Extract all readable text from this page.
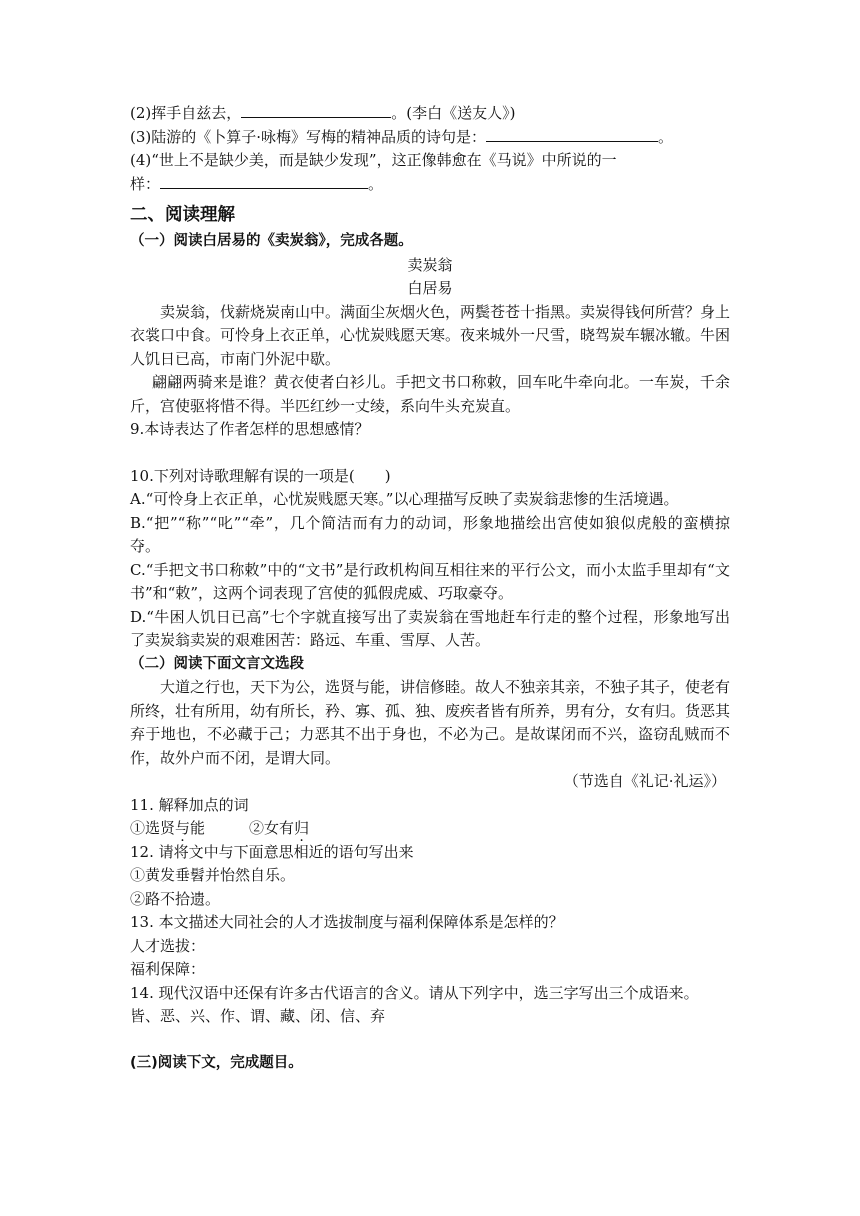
(2)挥手自兹去，	。(李白《送友人》)
(3)陆游的《卜算子·咏梅》写梅的精神品质的诗句是：	。
(4)“世上不是缺少美，而是缺少发现”，这正像韩愈在《马说》中所说的一
样：	。
二、阅读理解
（一）阅读白居易的《卖炭翁》，完成各题。
卖炭翁
白居易
卖炭翁，伐薪烧炭南山中。满面尘灰烟火色，两鬓苍苍十指黑。卖炭得钱何所营？身上衣裳口中食。可怜身上衣正单，心忧炭贱愿天寒。夜来城外一尺雪，晓驾炭车辗冰辙。牛困人饥日已高，市南门外泥中歇。
翩翩两骑来是谁？黄衣使者白衫儿。手把文书口称敕，回车叱牛牵向北。一车炭，千余斤，宫使驱将惜不得。半匹红纱一丈绫，系向牛头充炭直。
9.本诗表达了作者怎样的思想感情？
10.下列对诗歌理解有误的一项是(　　)
A.“可怜身上衣正单，心忧炭贱愿天寒。”以心理描写反映了卖炭翁悲惨的生活境遇。
B.“把”“称”“叱”“牵”，几个简洁而有力的动词，形象地描绘出宫使如狼似虎般的蛮横掠夺。
C.“手把文书口称敕”中的“文书”是行政机构间互相往来的平行公文，而小太监手里却有“文书”和“敕”，这两个词表现了宫使的狐假虎威、巧取豪夺。
D.“牛困人饥日已高”七个字就直接写出了卖炭翁在雪地赶车行走的整个过程，形象地写出了卖炭翁卖炭的艰难困苦：路远、车重、雪厚、人苦。
（二）阅读下面文言文选段
大道之行也，天下为公，选贤与能，讲信修睦。故人不独亲其亲，不独子其子，使老有所终，壮有所用，幼有所长，矜、寡、孤、独、废疾者皆有所养，男有分，女有归。货恶其弃于地也，不必藏于己；力恶其不出于身也，不必为己。是故谋闭而不兴，盗窃乱贼而不作，故外户而不闭，是谓大同。
（节选自《礼记·礼运》）
11. 解释加点的词
①选贤与能	②女有归
12. 请将文中与下面意思相近的语句写出来
①黄发垂髫并怡然自乐。
②路不拾遗。
13. 本文描述大同社会的人才选拔制度与福利保障体系是怎样的？
人才选拔：
福利保障：
14. 现代汉语中还保有许多古代语言的含义。请从下列字中，选三字写出三个成语来。
皆、恶、兴、作、谓、藏、闭、信、弃
(三)阅读下文，完成题目。
